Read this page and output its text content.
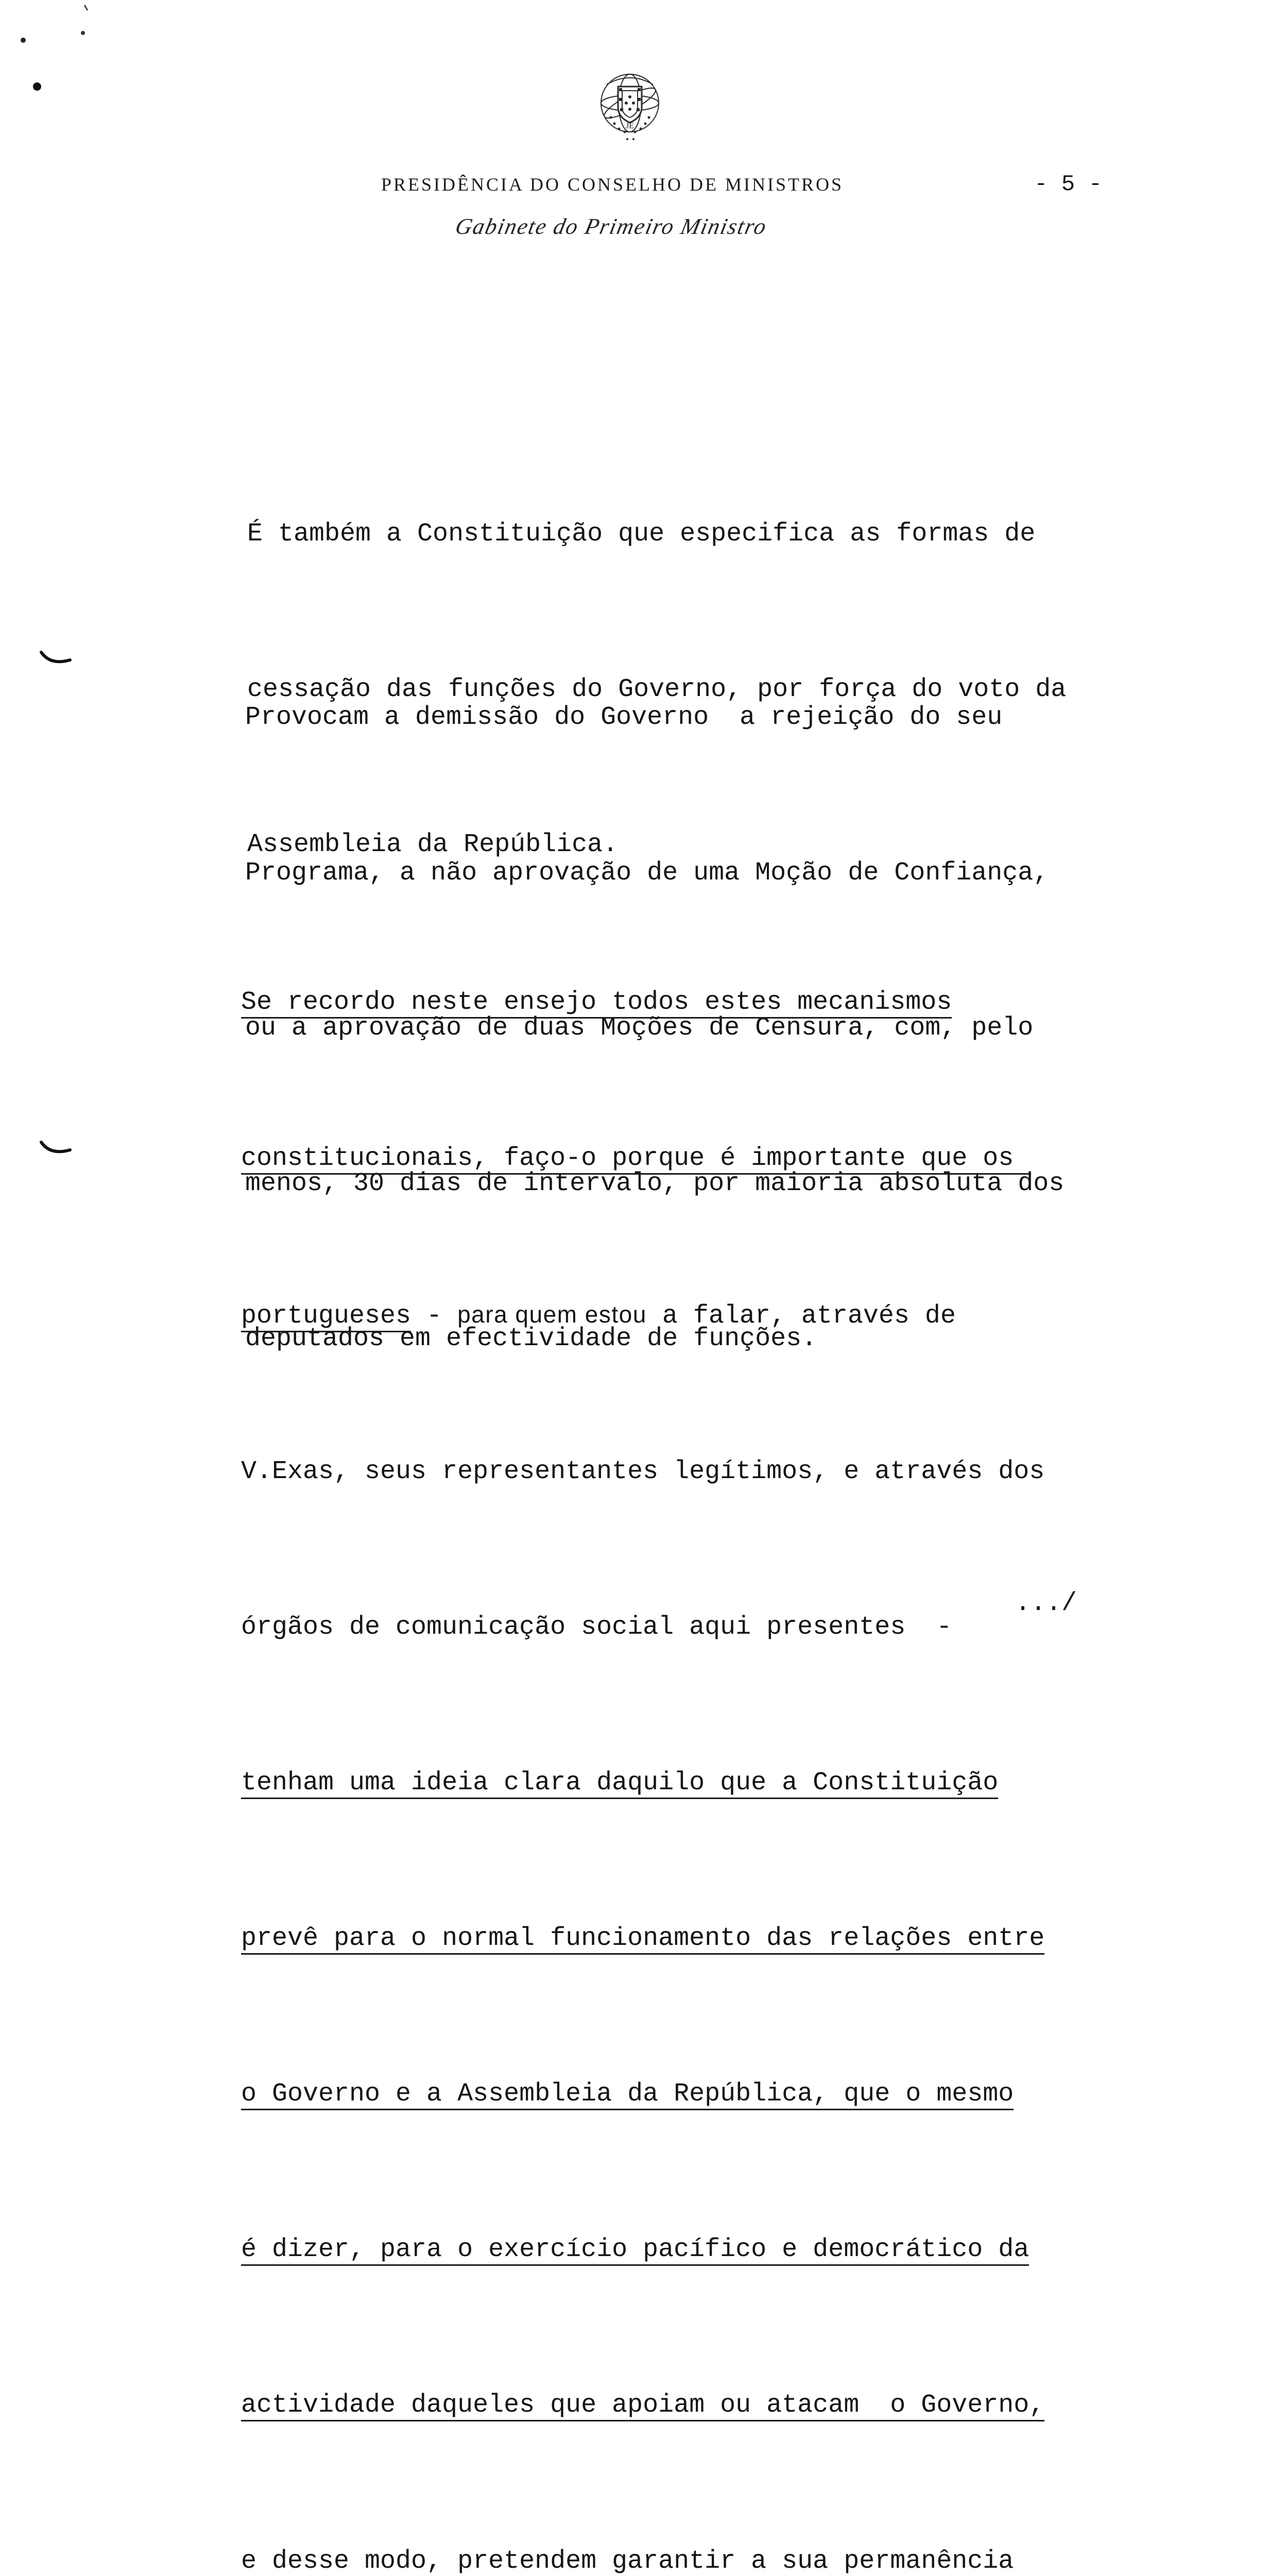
JE
PRESIDÊNCIA DO CONSELHO DE MINISTROS	- 5 -
Gabinete do Primeiro Ministro

É também a Constituição que especifica as formas de

cessação das funções do Governo, por força do voto da

Assembleia da República.

Provocam a demissão do Governo  a rejeição do seu

Programa, a não aprovação de uma Moção de Confiança,

ou a aprovação de duas Moções de Censura, com, pelo

menos, 30 dias de intervalo, por maioria absoluta dos

deputados em efectividade de funções.

Se recordo neste ensejo todos estes mecanismos

constitucionais, faço-o porque é importante que os

portugueses - para quem estou a falar, através de

V.Exas, seus representantes legítimos, e através dos

órgãos de comunicação social aqui presentes  -

tenham uma ideia clara daquilo que a Constituição

prevê para o normal funcionamento das relações entre

o Governo e a Assembleia da República, que o mesmo

é dizer, para o exercício pacífico e democrático da

actividade daqueles que apoiam ou atacam  o Governo,

e desse modo, pretendem garantir a sua permanência

.../
